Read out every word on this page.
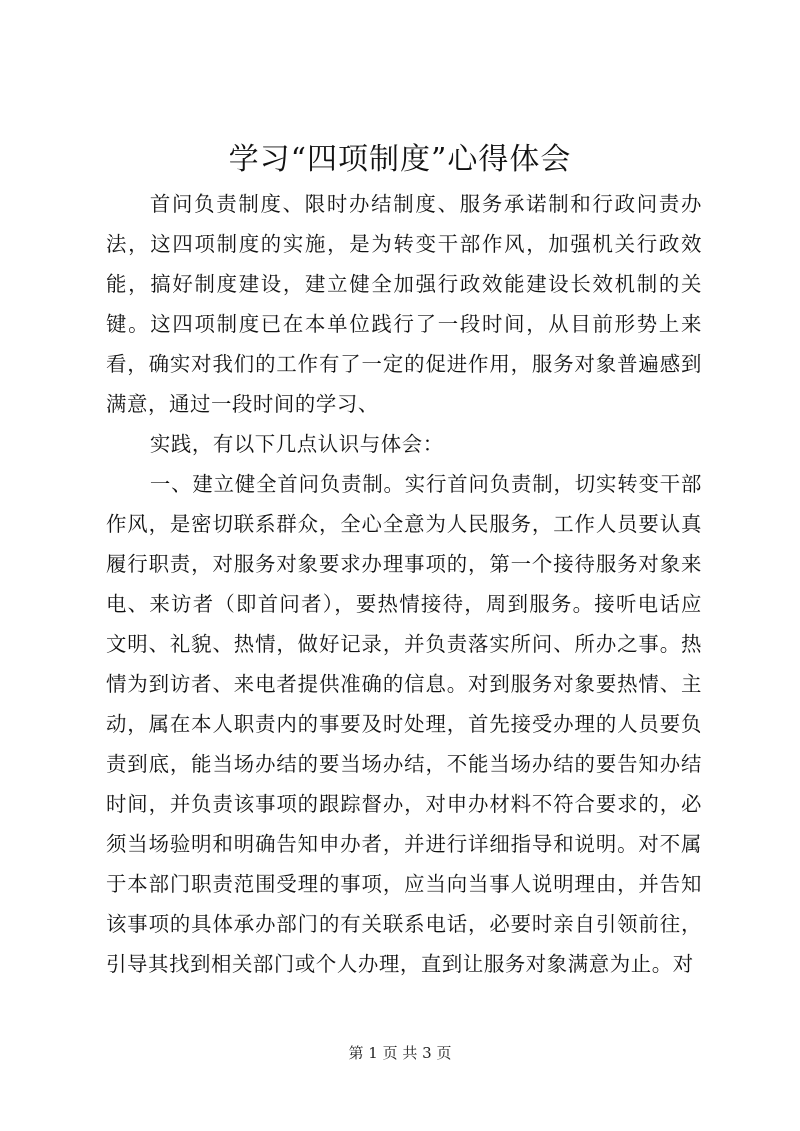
学习“四项制度”心得体会

首问负责制度、限时办结制度、服务承诺制和行政问责办法，这四项制度的实施，是为转变干部作风，加强机关行政效能，搞好制度建设，建立健全加强行政效能建设长效机制的关键。这四项制度已在本单位践行了一段时间，从目前形势上来看，确实对我们的工作有了一定的促进作用，服务对象普遍感到满意，通过一段时间的学习、

实践，有以下几点认识与体会：

一、建立健全首问负责制。实行首问负责制，切实转变干部作风，是密切联系群众，全心全意为人民服务，工作人员要认真履行职责，对服务对象要求办理事项的，第一个接待服务对象来电、来访者（即首问者），要热情接待，周到服务。接听电话应文明、礼貌、热情，做好记录，并负责落实所问、所办之事。热情为到访者、来电者提供准确的信息。对到服务对象要热情、主动，属在本人职责内的事要及时处理，首先接受办理的人员要负责到底，能当场办结的要当场办结，不能当场办结的要告知办结时间，并负责该事项的跟踪督办，对申办材料不符合要求的，必须当场验明和明确告知申办者，并进行详细指导和说明。对不属于本部门职责范围受理的事项，应当向当事人说明理由，并告知该事项的具体承办部门的有关联系电话，必要时亲自引领前往，引导其找到相关部门或个人办理，直到让服务对象满意为止。对

第 1 页 共 3 页
